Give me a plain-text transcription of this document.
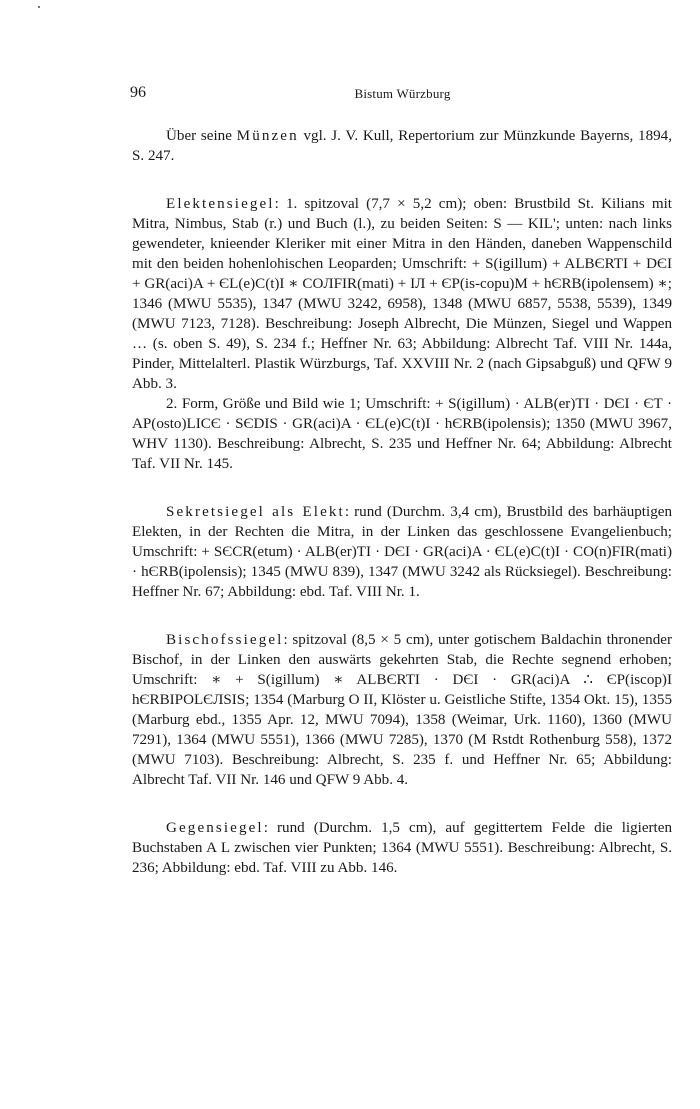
96	Bistum Würzburg

Über seine Münzen vgl. J. V. Kull, Repertorium zur Münzkunde Bayerns, 1894, S. 247.

Elektensiegel: 1. spitzoval (7,7 × 5,2 cm); oben: Brustbild St. Kilians mit Mitra, Nimbus, Stab (r.) und Buch (l.), zu beiden Seiten: S — KIL'; unten: nach links gewendeter, knieender Kleriker mit einer Mitra in den Händen, daneben Wappenschild mit den beiden hohenlohischen Leoparden; Umschrift: + S(igillum) + ALBЄRTI + DЄI + GR(aci)A + ЄL(e)C(t)I ∗ COЛFIR(mati) + IЛ + ЄP(is-copu)M + hЄRB(ipolensem) ∗; 1346 (MWU 5535), 1347 (MWU 3242, 6958), 1348 (MWU 6857, 5538, 5539), 1349 (MWU 7123, 7128). Beschreibung: Joseph Albrecht, Die Münzen, Siegel und Wappen … (s. oben S. 49), S. 234 f.; Heffner Nr. 63; Abbildung: Albrecht Taf. VIII Nr. 144a, Pinder, Mittelalterl. Plastik Würzburgs, Taf. XXVIII Nr. 2 (nach Gipsabguß) und QFW 9 Abb. 3.

2. Form, Größe und Bild wie 1; Umschrift: + S(igillum) · ALB(er)TI · DЄI · ЄT · AP(osto)LICЄ · SЄDIS · GR(aci)A · ЄL(e)C(t)I · hЄRB(ipolensis); 1350 (MWU 3967, WHV 1130). Beschreibung: Albrecht, S. 235 und Heffner Nr. 64; Abbildung: Albrecht Taf. VII Nr. 145.

Sekretsiegel als Elekt: rund (Durchm. 3,4 cm), Brustbild des barhäuptigen Elekten, in der Rechten die Mitra, in der Linken das geschlossene Evangelienbuch; Umschrift: + SЄCR(etum) · ALB(er)TI · DЄI · GR(aci)A · ЄL(e)C(t)I · CO(n)FIR(mati) · hЄRB(ipolensis); 1345 (MWU 839), 1347 (MWU 3242 als Rücksiegel). Beschreibung: Heffner Nr. 67; Abbildung: ebd. Taf. VIII Nr. 1.

Bischofssiegel: spitzoval (8,5 × 5 cm), unter gotischem Baldachin thronender Bischof, in der Linken den auswärts gekehrten Stab, die Rechte segnend erhoben; Umschrift: ∗ + S(igillum) ∗ ALBЄRTI · DЄI · GR(aci)A ∴ ЄP(iscop)I hЄRBIPOLЄЛSIS; 1354 (Marburg O II, Klöster u. Geistliche Stifte, 1354 Okt. 15), 1355 (Marburg ebd., 1355 Apr. 12, MWU 7094), 1358 (Weimar, Urk. 1160), 1360 (MWU 7291), 1364 (MWU 5551), 1366 (MWU 7285), 1370 (M Rstdt Rothenburg 558), 1372 (MWU 7103). Beschreibung: Albrecht, S. 235 f. und Heffner Nr. 65; Abbildung: Albrecht Taf. VII Nr. 146 und QFW 9 Abb. 4.

Gegensiegel: rund (Durchm. 1,5 cm), auf gegittertem Felde die ligierten Buchstaben A L zwischen vier Punkten; 1364 (MWU 5551). Beschreibung: Albrecht, S. 236; Abbildung: ebd. Taf. VIII zu Abb. 146.
